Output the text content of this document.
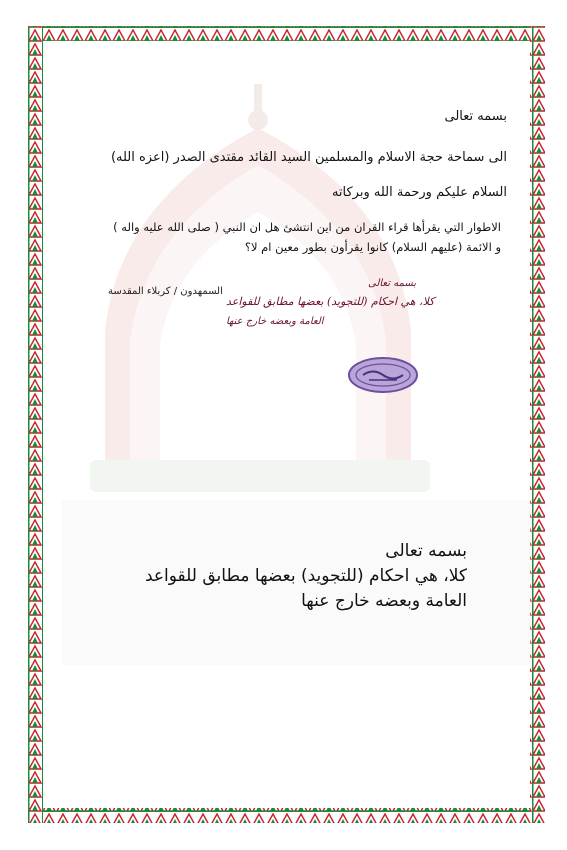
بسمه تعالى
الى سماحة حجة الاسلام والمسلمين السيد القائد مقتدى الصدر (اعزه الله)
السلام عليكم ورحمة الله وبركاته
الاطوار التي يقرأها قراء القران من اين انتشئ هل ان النبي ( صلى الله عليه واله )
و الائمة (عليهم السلام) كانوا يقرأون بطور معين ام لا؟
السمهدون / كربلاء المقدسة
بسمه تعالى
كلا، هي احكام (للتجويد) بعضها مطابق للقواعد
العامة وبعضه خارج عنها
بسمه تعالى
كلا، هي احكام (للتجويد) بعضها مطابق للقواعد
العامة وبعضه خارج عنها
